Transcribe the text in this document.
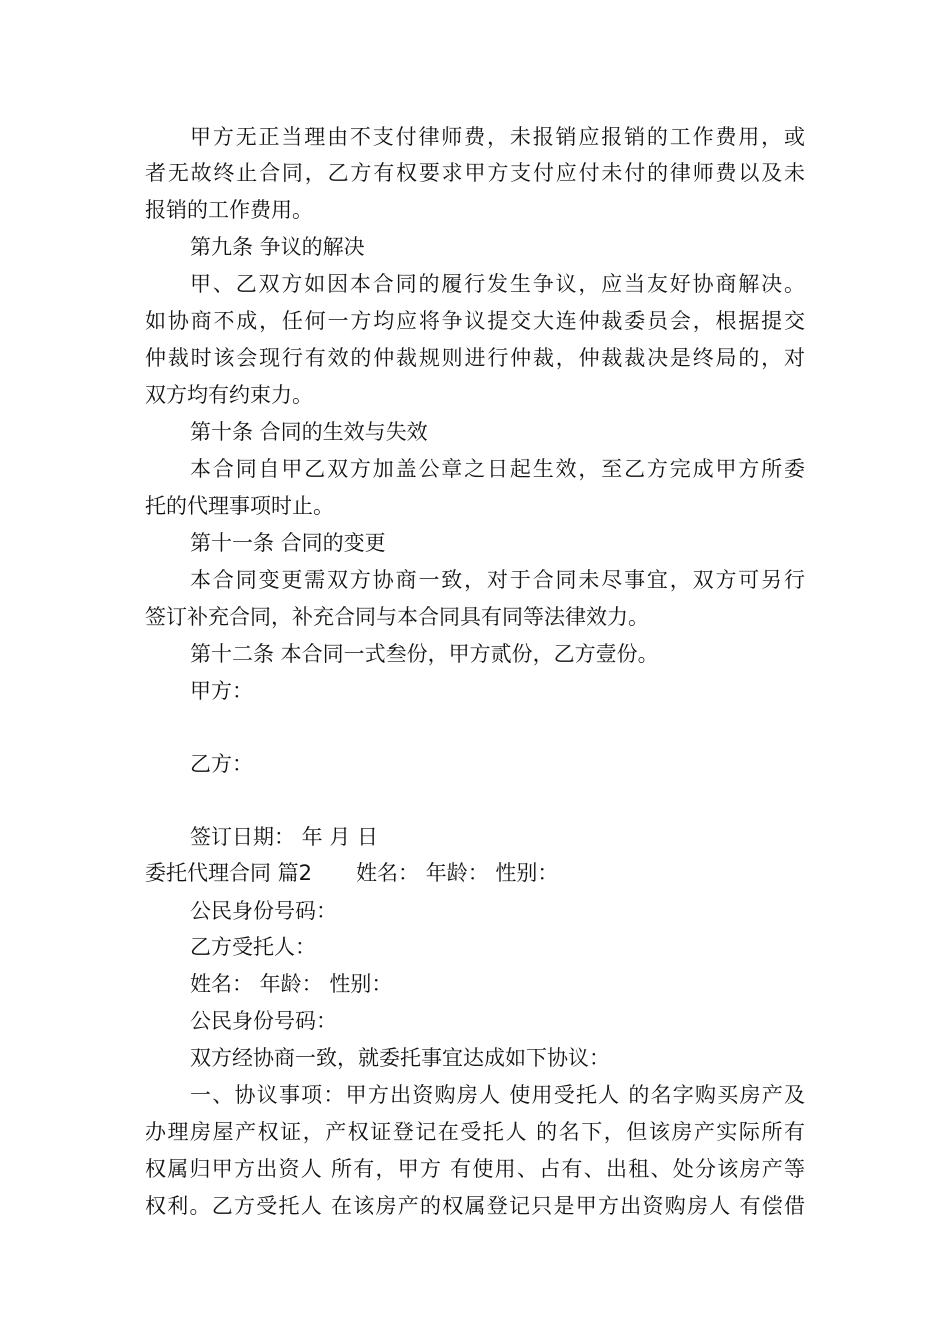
甲方无正当理由不支付律师费，未报销应报销的工作费用，或
者无故终止合同，乙方有权要求甲方支付应付未付的律师费以及未
报销的工作费用。
第九条 争议的解决
甲、乙双方如因本合同的履行发生争议，应当友好协商解决。
如协商不成，任何一方均应将争议提交大连仲裁委员会，根据提交
仲裁时该会现行有效的仲裁规则进行仲裁，仲裁裁决是终局的，对
双方均有约束力。
第十条 合同的生效与失效
本合同自甲乙双方加盖公章之日起生效，至乙方完成甲方所委
托的代理事项时止。
第十一条 合同的变更
本合同变更需双方协商一致，对于合同未尽事宜，双方可另行
签订补充合同，补充合同与本合同具有同等法律效力。
第十二条 本合同一式叁份，甲方贰份，乙方壹份。
甲方：
乙方：
签订日期： 年 月 日
委托代理合同 篇2 姓名： 年龄： 性别：
公民身份号码：
乙方受托人：
姓名： 年龄： 性别：
公民身份号码：
双方经协商一致，就委托事宜达成如下协议：
一、协议事项：甲方出资购房人 使用受托人 的名字购买房产及
办理房屋产权证，产权证登记在受托人 的名下，但该房产实际所有
权属归甲方出资人 所有，甲方 有使用、占有、出租、处分该房产等
权利。乙方受托人 在该房产的权属登记只是甲方出资购房人 有偿借
